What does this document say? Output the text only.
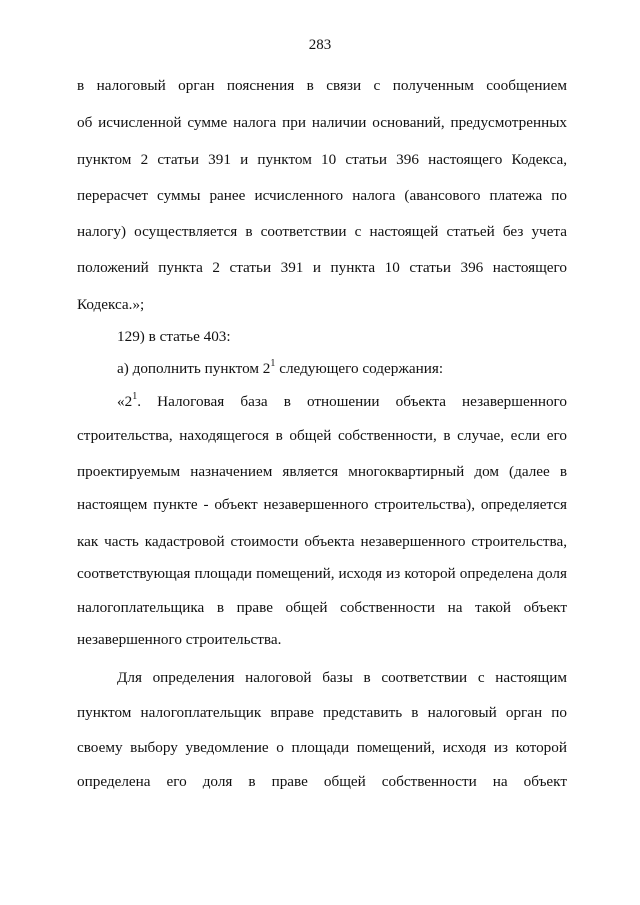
283
в налоговый орган пояснения в связи с полученным сообщением
об исчисленной сумме налога при наличии оснований, предусмотренных
пунктом 2 статьи 391 и пунктом 10 статьи 396 настоящего Кодекса,
перерасчет суммы ранее исчисленного налога (авансового платежа по
налогу) осуществляется в соответствии с настоящей статьей без учета
положений пункта 2 статьи 391 и пункта 10 статьи 396 настоящего
Кодекса.»;
129) в статье 403:
а) дополнить пунктом $2^1$ следующего содержания:
«$2^1$ . Налоговая база в отношении объекта незавершенного
строительства, находящегося в общей собственности, в случае, если его
проектируемым назначением является многоквартирный дом (далее в
настоящем пункте - объект незавершенного строительства), определяется
как часть кадастровой стоимости объекта незавершенного строительства,
соответствующая площади помещений, исходя из которой определена доля
налогоплательщика в праве общей собственности на такой объект
незавершенного строительства.
Для определения налоговой базы в соответствии с настоящим
пунктом налогоплательщик вправе представить в налоговый орган по
своему выбору уведомление о площади помещений, исходя из которой
определена его доля в праве общей собственности на объект
